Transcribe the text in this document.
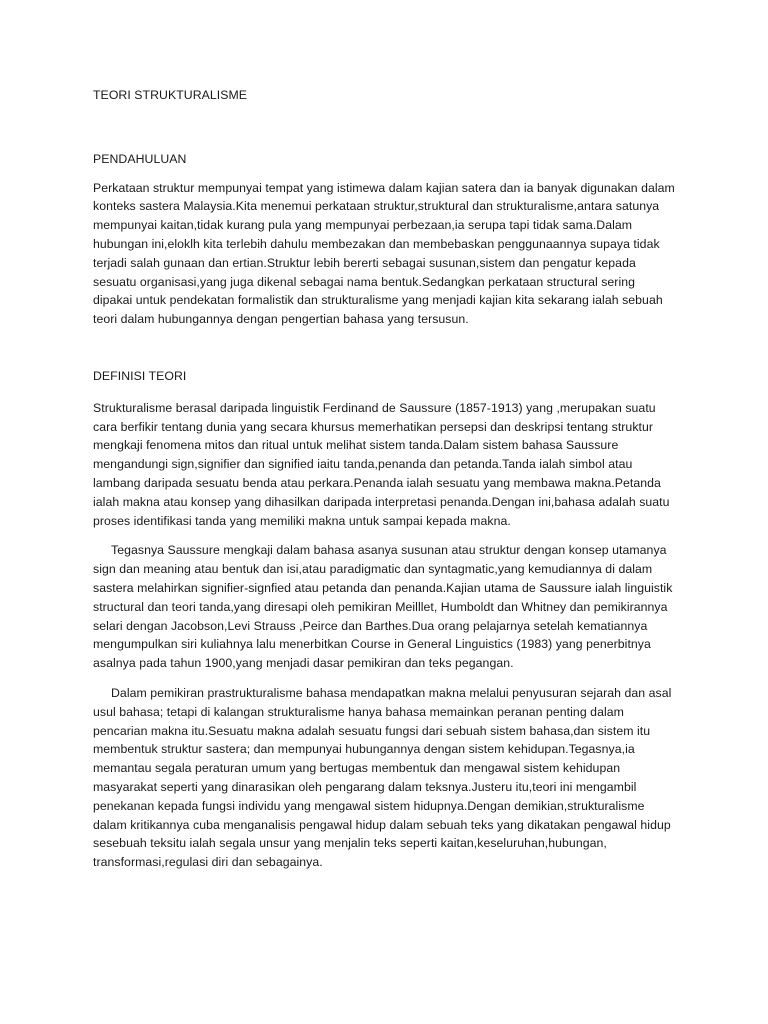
TEORI STRUKTURALISME
PENDAHULUAN

Perkataan struktur mempunyai tempat yang istimewa dalam kajian satera dan ia banyak digunakan dalam konteks sastera Malaysia.Kita menemui perkataan struktur,struktural dan strukturalisme,antara satunya mempunyai kaitan,tidak kurang pula yang mempunyai perbezaan,ia serupa tapi tidak sama.Dalam hubungan ini,eloklh kita terlebih dahulu membezakan dan membebaskan penggunaannya supaya tidak terjadi salah gunaan dan ertian.Struktur lebih bererti sebagai susunan,sistem dan pengatur kepada sesuatu organisasi,yang juga dikenal sebagai nama bentuk.Sedangkan perkataan structural sering dipakai untuk pendekatan formalistik dan strukturalisme yang menjadi kajian kita sekarang ialah sebuah teori dalam hubungannya dengan pengertian bahasa yang tersusun.

DEFINISI TEORI

Strukturalisme berasal daripada linguistik Ferdinand de Saussure (1857-1913) yang ,merupakan suatu cara berfikir tentang dunia yang secara khursus memerhatikan persepsi dan deskripsi tentang struktur mengkaji fenomena mitos dan ritual untuk melihat sistem tanda.Dalam sistem bahasa Saussure mengandungi sign,signifier dan signified iaitu tanda,penanda dan petanda.Tanda ialah simbol atau lambang daripada sesuatu benda atau perkara.Penanda ialah sesuatu yang membawa makna.Petanda ialah makna atau konsep yang dihasilkan daripada interpretasi penanda.Dengan ini,bahasa adalah suatu proses identifikasi tanda yang memiliki makna untuk sampai kepada makna.

Tegasnya Saussure mengkaji dalam bahasa asanya susunan atau struktur dengan konsep utamanya sign dan meaning atau bentuk dan isi,atau paradigmatic dan syntagmatic,yang kemudiannya di dalam sastera melahirkan signifier-signfied atau petanda dan penanda.Kajian utama de Saussure ialah linguistik structural dan teori tanda,yang diresapi oleh pemikiran Meilllet, Humboldt dan Whitney dan pemikirannya selari dengan Jacobson,Levi Strauss ,Peirce dan Barthes.Dua orang pelajarnya setelah kematiannya mengumpulkan siri kuliahnya lalu menerbitkan Course in General Linguistics (1983) yang penerbitnya asalnya pada tahun 1900,yang menjadi dasar pemikiran dan teks pegangan.

Dalam pemikiran prastrukturalisme bahasa mendapatkan makna melalui penyusuran sejarah dan asal usul bahasa; tetapi di kalangan strukturalisme hanya bahasa memainkan peranan penting dalam pencarian makna itu.Sesuatu makna adalah sesuatu fungsi dari sebuah sistem bahasa,dan sistem itu membentuk struktur sastera; dan mempunyai hubungannya dengan sistem kehidupan.Tegasnya,ia memantau segala peraturan umum yang bertugas membentuk dan mengawal sistem kehidupan masyarakat seperti yang dinarasikan oleh pengarang dalam teksnya.Justeru itu,teori ini mengambil penekanan kepada fungsi individu yang mengawal sistem hidupnya.Dengan demikian,strukturalisme dalam kritikannya cuba menganalisis pengawal hidup dalam sebuah teks yang dikatakan pengawal hidup sesebuah teksitu ialah segala unsur yang menjalin teks seperti kaitan,keseluruhan,hubungan, transformasi,regulasi diri dan sebagainya.
